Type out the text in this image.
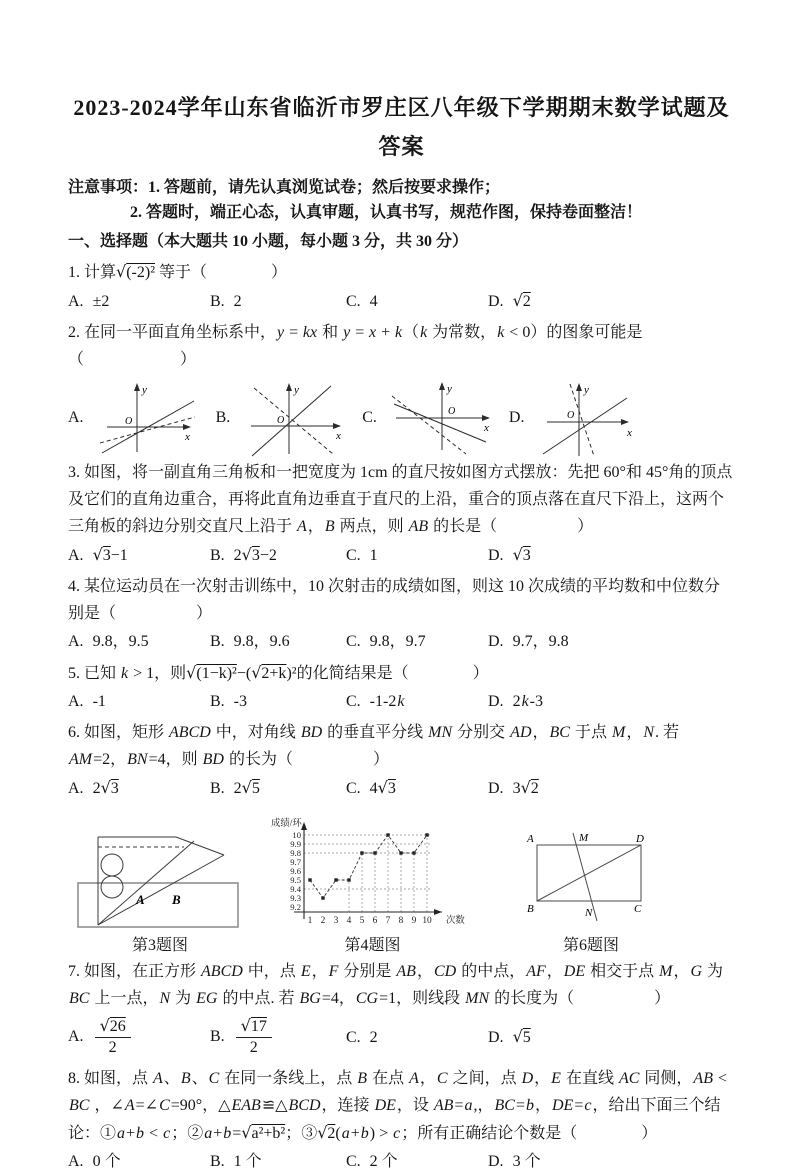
2023-2024学年山东省临沂市罗庄区八年级下学期期末数学试题及
答案
注意事项：1. 答题前，请先认真浏览试卷；然后按要求操作；
2. 答题时，端正心态，认真审题，认真书写，规范作图，保持卷面整洁！
一、选择题（本大题共 10 小题，每小题 3 分，共 30 分）
1. 计算√(-2)² 等于（　　　　）
A. ±2	B. 2	C. 4	D. √2
2. 在同一平面直角坐标系中，y = kx 和 y = x + k（k 为常数，k < 0）的图象可能是（　　　　　　）
A.
y
x
O	B.
y
x
O	C.
y
x
O	D.
y
x
O
3. 如图，将一副直角三角板和一把宽度为 1cm 的直尺按如图方式摆放：先把 60°和 45°角的顶点及它们的直角边重合，再将此直角边垂直于直尺的上沿，重合的顶点落在直尺下沿上，这两个三角板的斜边分别交直尺上沿于 A，B 两点，则 AB 的长是（　　　　　）
A. √3−1	B. 2√3−2	C. 1	D. √3
4. 某位运动员在一次射击训练中，10 次射击的成绩如图，则这 10 次成绩的平均数和中位数分别是（　　　　　）
A. 9.8，9.5	B. 9.8，9.6	C. 9.8，9.7	D. 9.7，9.8
5. 已知 k > 1，则√(1−k)²−(√2+k)²的化简结果是（　　　　）
A. -1	B. -3	C. -1-2k	D. 2k-3
6. 如图，矩形 ABCD 中，对角线 BD 的垂直平分线 MN 分别交 AD，BC 于点 M，N. 若 AM=2，BN=4，则 BD 的长为（　　　　　）
A. 2√3	B. 2√5	C. 4√3	D. 3√2
A B
第3题图
9.2
9.3
9.4
9.5
9.6
9.7
9.8
9.9
10
1 2 3 4 5 6 7 8 9 10
成绩/环
次数
第4题图
A	M	D
B	N	C
第6题图
7. 如图，在正方形 ABCD 中，点 E，F 分别是 AB，CD 的中点，AF，DE 相交于点 M，G 为 BC 上一点，N 为 EG 的中点. 若 BG=4，CG=1，则线段 MN 的长度为（　　　　　）
A. $\frac{√26}{2}$	B. $\frac{√17}{2}$	C. 2	D. √5
8. 如图，点 A、B、C 在同一条线上，点 B 在点 A，C 之间，点 D，E 在直线 AC 同侧，AB < BC ，∠A=∠C=90°，△EAB≌△BCD，连接 DE，设 AB=a,，BC=b，DE=c，给出下面三个结论：①a+b < c；②a+b=√a²+b²；③√2(a+b) > c；所有正确结论个数是（　　　　）
A. 0 个	B. 1 个	C. 2 个	D. 3 个
